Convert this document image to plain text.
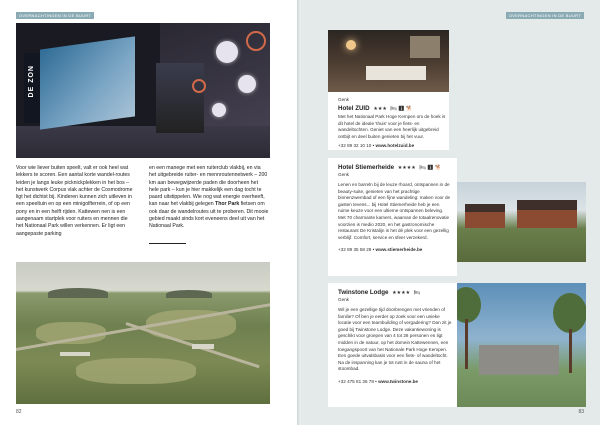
OVERNACHTINGEN IN DE BUURT
DE ZON

Voor wie liever buiten speelt, valt er ook heel wat lekkers te scoren. Een aantal korte wandel-routes leiden je langs leuke picknickplekken in het bos – het kunstwerk Corpus vlak achter de Cosmodrome ligt het dichtst bij. Kinderen kunnen zich uitleven in een speeltuin en op een minigolfterrein, of op een pony en in een helft rijden. Kattewen nen is een aangenaam startplek voor ruiters en mennen die het Nationaal Park willen verkennen. Er ligt een aangepaste parking

en een manege met een ruiterclub vlakbij, en via het uitgebreide ruiter- en mennroutennetwerk – 200 km aan bewegwijzerde paden die doorheen het hele park – kun je hier makkelijk een dag tocht te paard uitstippelen. Wie nog wat energie overheeft, kan naar het vlakbij gelegen Thor Park fietsen om ook daar de wandelroutes uit te proberen. Dit mooie gebied maakt sinds kort eveneens deel uit van het Nationaal Park.

82
OVERNACHTINGEN IN DE BUURT
Genk
Hotel ZUID ★★★ 🛏 ℹ 🐕
Met het Nationaal Park Hoge Kempen om de hoek is dit hotel de ideale 'thuis' voor je fiets- en wandeltochten. Geniet van een heerlijk uitgebreid ontbijt en deel buiten genieten bij het vuur.
+32 89 32 10 10 • www.hotelzuid.be
Hotel Stiemerheide ★★★★ 🛏 ℹ 🐕
Genk
Lenen en barreln bij de leuze rhoard, ontspannen in de beauty-suite, genieten van het prachtige binnenzwembad of een fijne wandeling: maken voor de gasten tevens... bij Hotel Stiemerheide heb je een ruime keuze voor een ultieme ontspannen beleving. Met 70 charmante kamers, waarvan de totaalrenovatie voorzien is medio 2020, en het gastronomische restaurant De Kristalijn is het dé plek voor een gezellig verblijf. Comfort, service en sfeer verzekerd.
+32 89 35 58 28 • www.stiemerheide.be
Twinstone Lodge ★★★★ 🛏
Genk
Wil je een gezellige tijd doorbrengen met vrienden of familie? Of ben je eerder op zoek voor een unieke locatie voor een teambuilding of vergadering? Dan zit je goed bij Twinstone Lodge. Deze vakantiewoning is geschikt voor groepen van 4 tot 28 personen en ligt midden in de natuur, op het domein Kattewennen, een toegangspoort van het Nationale Park Hoge Kempen. Een goede uitvalsbasis voor een fiets- of wandeltocht. Na de inspanning kan je tot rust in de sauna of het stoombad.
+32 475 81 36 78 • www.twinstone.be
83
